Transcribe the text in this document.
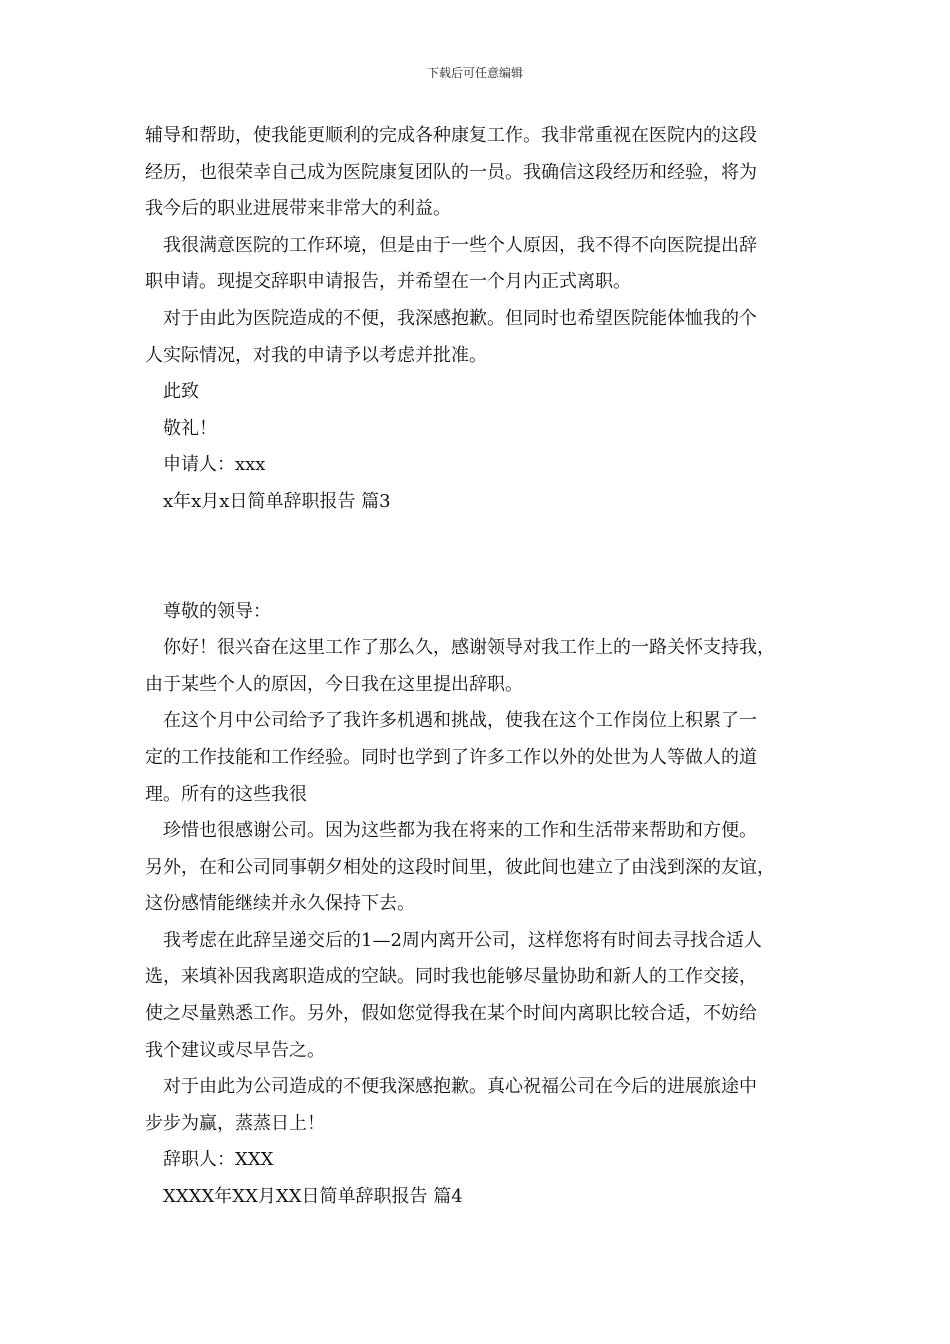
下载后可任意编辑
辅导和帮助，使我能更顺利的完成各种康复工作。我非常重视在医院内的这段
经历，也很荣幸自己成为医院康复团队的一员。我确信这段经历和经验，将为
我今后的职业进展带来非常大的利益。
我很满意医院的工作环境，但是由于一些个人原因，我不得不向医院提出辞
职申请。现提交辞职申请报告，并希望在一个月内正式离职。
对于由此为医院造成的不便，我深感抱歉。但同时也希望医院能体恤我的个
人实际情况，对我的申请予以考虑并批准。
此致
敬礼！
申请人：xxx
x年x月x日简单辞职报告 篇3
尊敬的领导：
你好！很兴奋在这里工作了那么久，感谢领导对我工作上的一路关怀支持我，
由于某些个人的原因，今日我在这里提出辞职。
在这个月中公司给予了我许多机遇和挑战，使我在这个工作岗位上积累了一
定的工作技能和工作经验。同时也学到了许多工作以外的处世为人等做人的道
理。所有的这些我很
珍惜也很感谢公司。因为这些都为我在将来的工作和生活带来帮助和方便。
另外，在和公司同事朝夕相处的这段时间里，彼此间也建立了由浅到深的友谊，
这份感情能继续并永久保持下去。
我考虑在此辞呈递交后的1—2周内离开公司，这样您将有时间去寻找合适人
选，来填补因我离职造成的空缺。同时我也能够尽量协助和新人的工作交接，
使之尽量熟悉工作。另外，假如您觉得我在某个时间内离职比较合适，不妨给
我个建议或尽早告之。
对于由此为公司造成的不便我深感抱歉。真心祝福公司在今后的进展旅途中
步步为赢，蒸蒸日上！
辞职人：XXX
XXXX年XX月XX日简单辞职报告 篇4
